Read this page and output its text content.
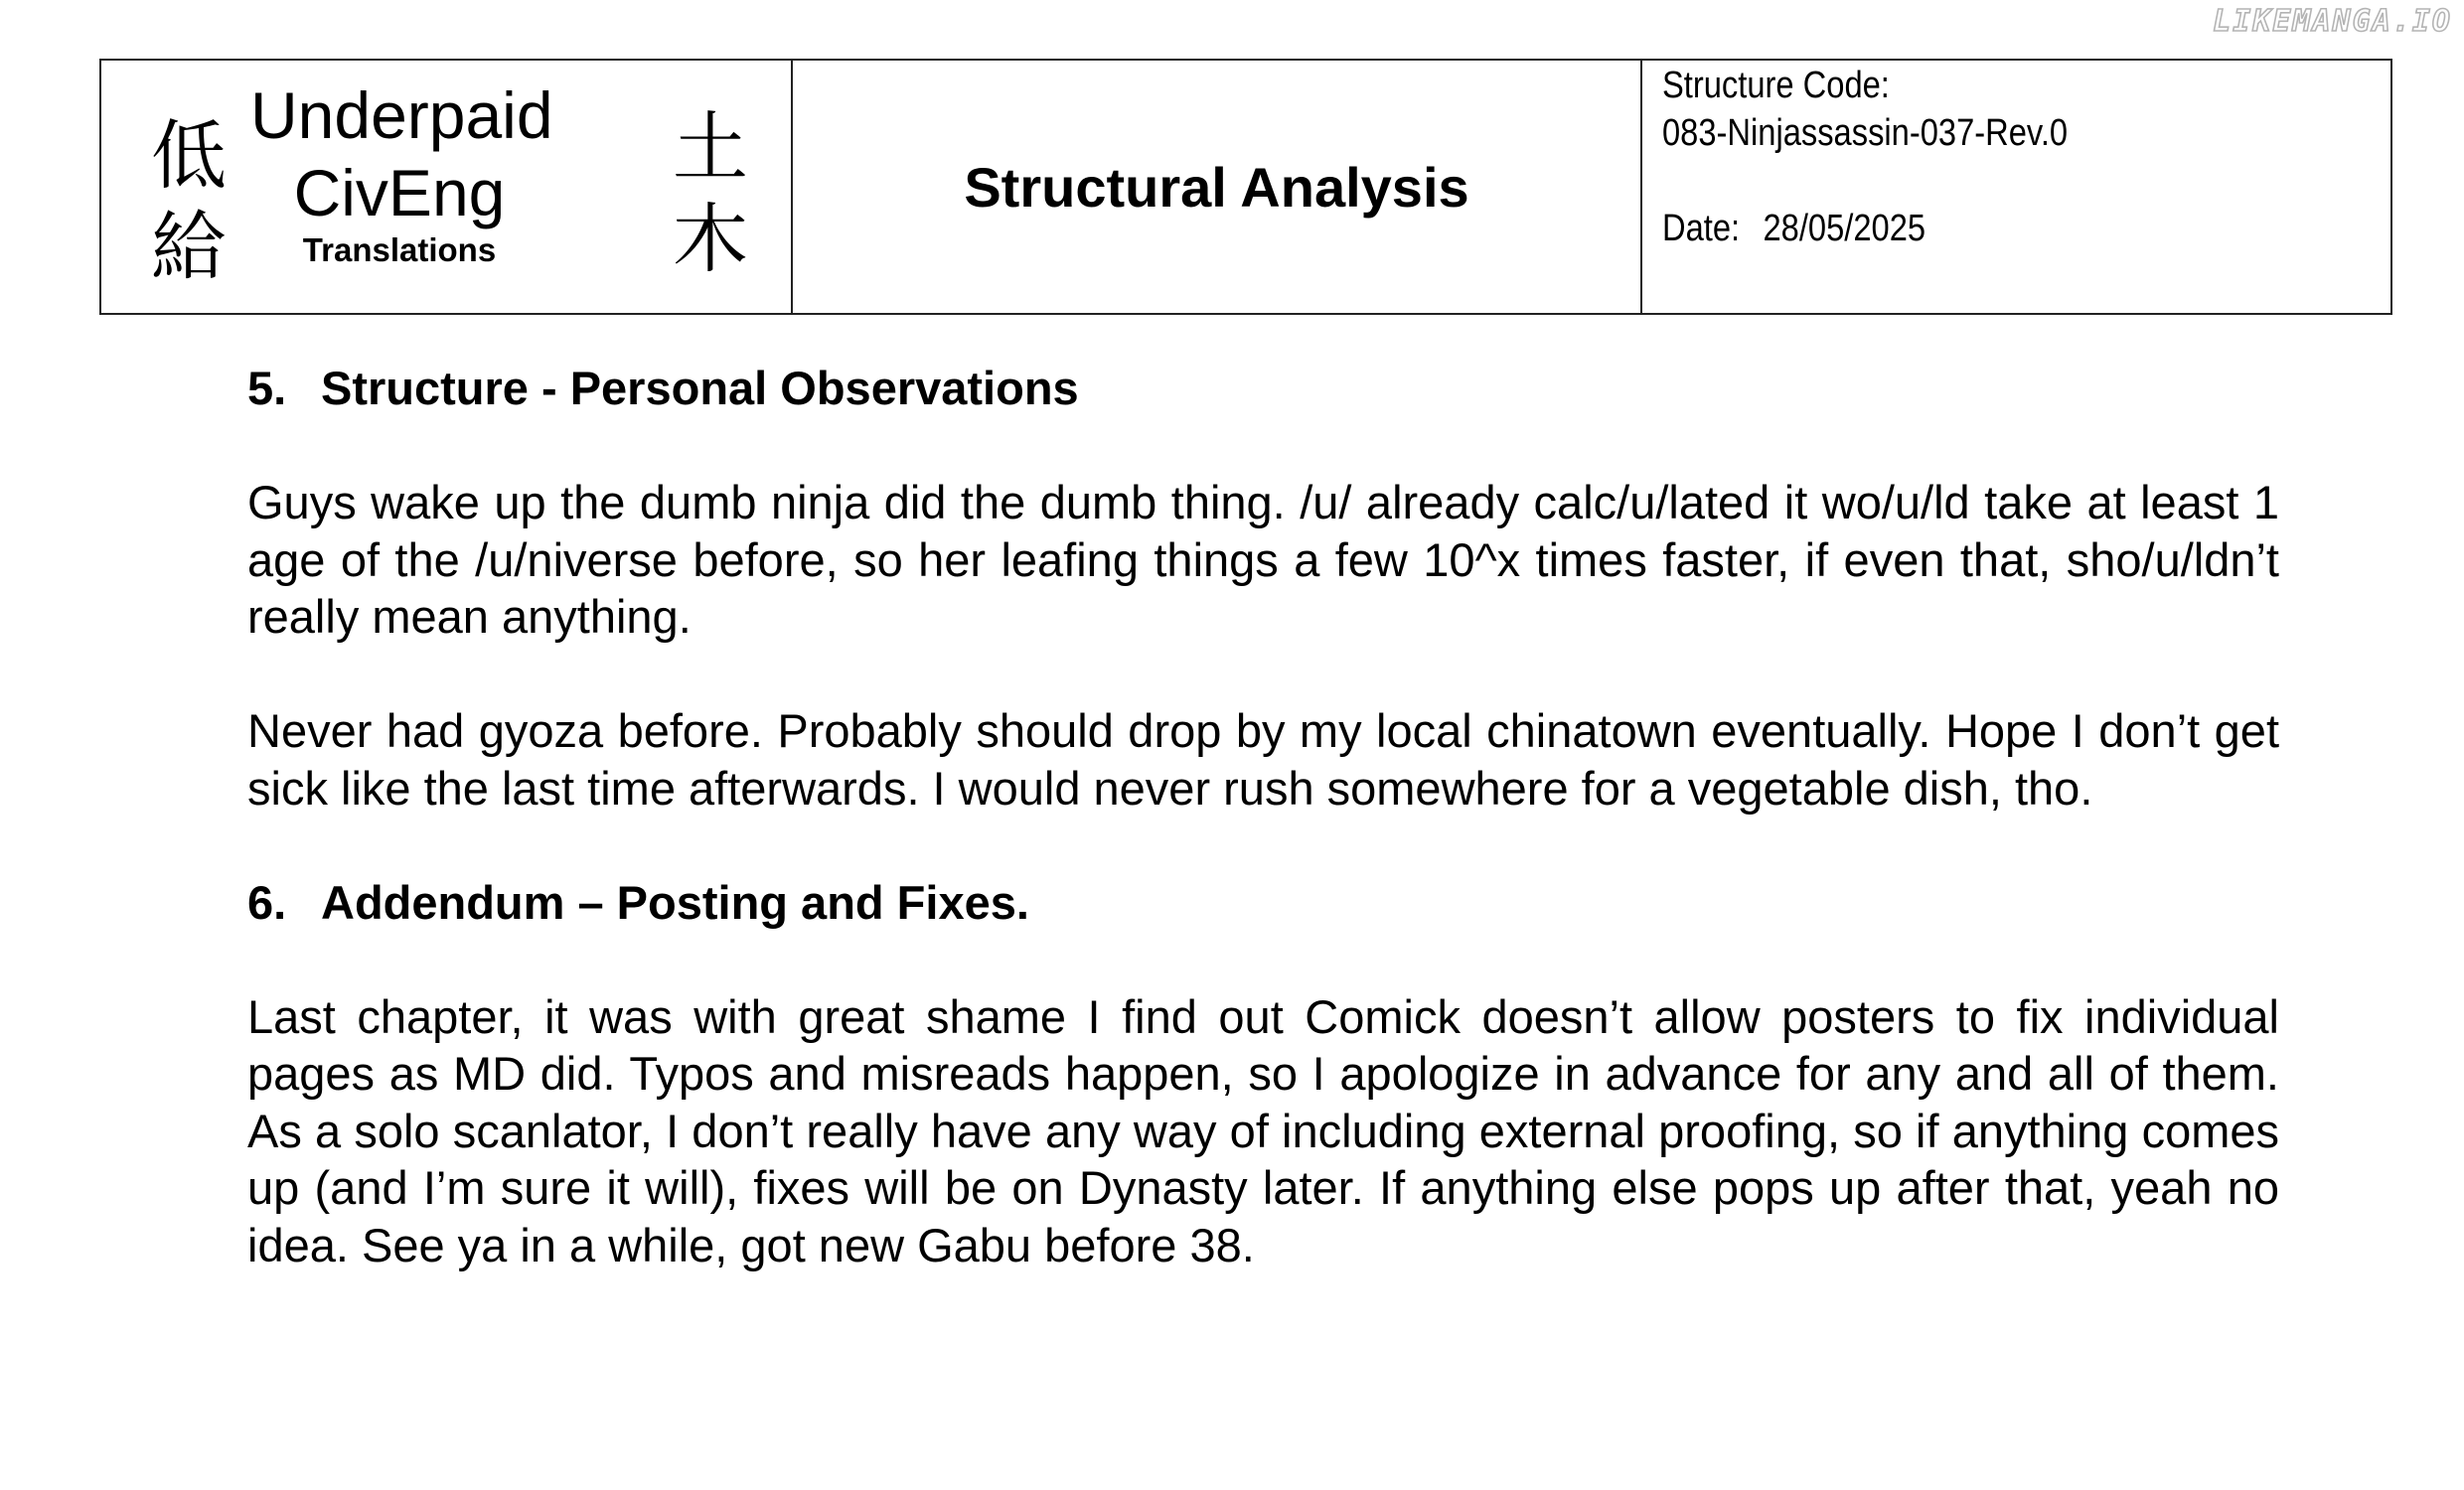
LIKEMANGA.IO
低
給
Underpaid
CivEng
Translations
土
木
Structural Analysis
Structure Code:
083-Ninjassassin-037-Rev.0
Date: 28/05/2025
5. Structure - Personal Observations

Guys wake up the dumb ninja did the dumb thing. /u/ already calc/u/lated it wo/u/ld take at least 1 age of the /u/niverse before, so her leafing things a few 10^x times faster, if even that, sho/u/ldn’t really mean anything.

Never had gyoza before. Probably should drop by my local chinatown eventually. Hope I don’t get sick like the last time afterwards. I would never rush somewhere for a vegetable dish, tho.

6. Addendum – Posting and Fixes.

Last chapter, it was with great shame I find out Comick doesn’t allow posters to fix individual pages as MD did. Typos and misreads happen, so I apologize in advance for any and all of them. As a solo scanlator, I don’t really have any way of including external proofing, so if anything comes up (and I’m sure it will), fixes will be on Dynasty later. If anything else pops up after that, yeah no idea. See ya in a while, got new Gabu before 38.
